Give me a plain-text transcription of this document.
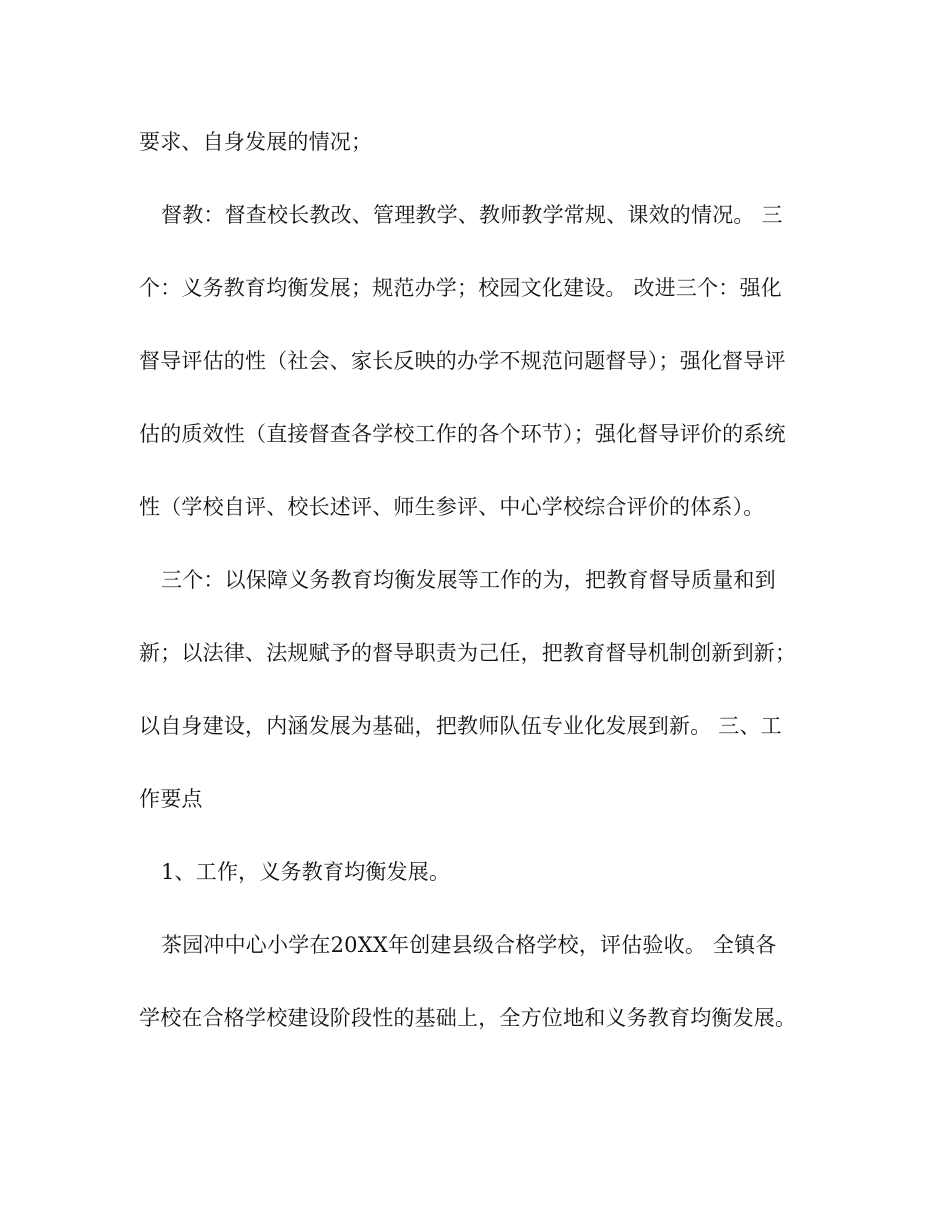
要求、自身发展的情况；
督教：督查校长教改、管理教学、教师教学常规、课效的情况。 三
个：义务教育均衡发展；规范办学；校园文化建设。 改进三个：强化
督导评估的性（社会、家长反映的办学不规范问题督导）；强化督导评
估的质效性（直接督查各学校工作的各个环节）；强化督导评价的系统
性（学校自评、校长述评、师生参评、中心学校综合评价的体系）。
三个：以保障义务教育均衡发展等工作的为，把教育督导质量和到
新；以法律、法规赋予的督导职责为己任，把教育督导机制创新到新；
以自身建设，内涵发展为基础，把教师队伍专业化发展到新。 三、工
作要点
1、工作，义务教育均衡发展。
茶园冲中心小学在20XX年创建县级合格学校，评估验收。 全镇各
学校在合格学校建设阶段性的基础上，全方位地和义务教育均衡发展。
